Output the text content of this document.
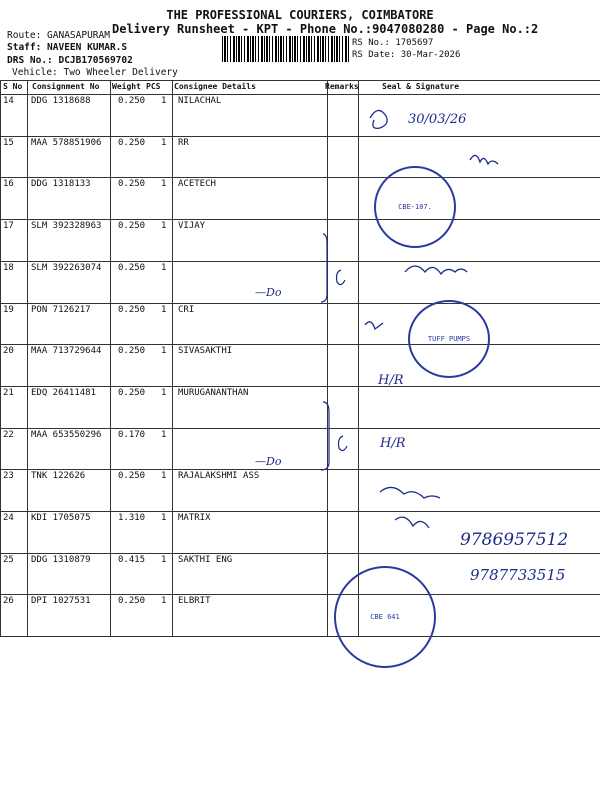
THE PROFESSIONAL COURIERS, COIMBATORE
Delivery Runsheet - KPT - Phone No.:9047080280 - Page No.:2
Route: GANASAPURAM
Staff: NAVEEN KUMAR.S
DRS No.: DCJB170569702
Vehicle: Two Wheeler Delivery
RS No.: 1705697
RS Date: 30-Mar-2026
S No Consignment No Weight PCS Consignee Details	Remarks	Seal & Signature
14 DDG 1318688	0.250 1 NILACHAL
15 MAA 578851906 0.250 1 RR
16 DDG 1318133	0.250 1 ACETECH
17 SLM 392328963 0.250 1 VIJAY
18 SLM 392263074 0.250 1
19 PON 7126217	0.250 1 CRI
20 MAA 713729644 0.250 1 SIVASAKTHI
21 EDQ 26411481 0.250 1 MURUGANANTHAN
22 MAA 653550296 0.170 1
23 TNK 122626	0.250 1 RAJALAKSHMI ASS
24 KDI 1705075	1.310 1 MATRIX
25 DDG 1310879	0.415 1 SAKTHI ENG
26 DPI 1027531	0.250 1 ELBRIT
30/03/26
—Do
—Do
H/R
H/R
9786957512
9787733515
CBE-107.
TUFF PUMPS
CBE 641
